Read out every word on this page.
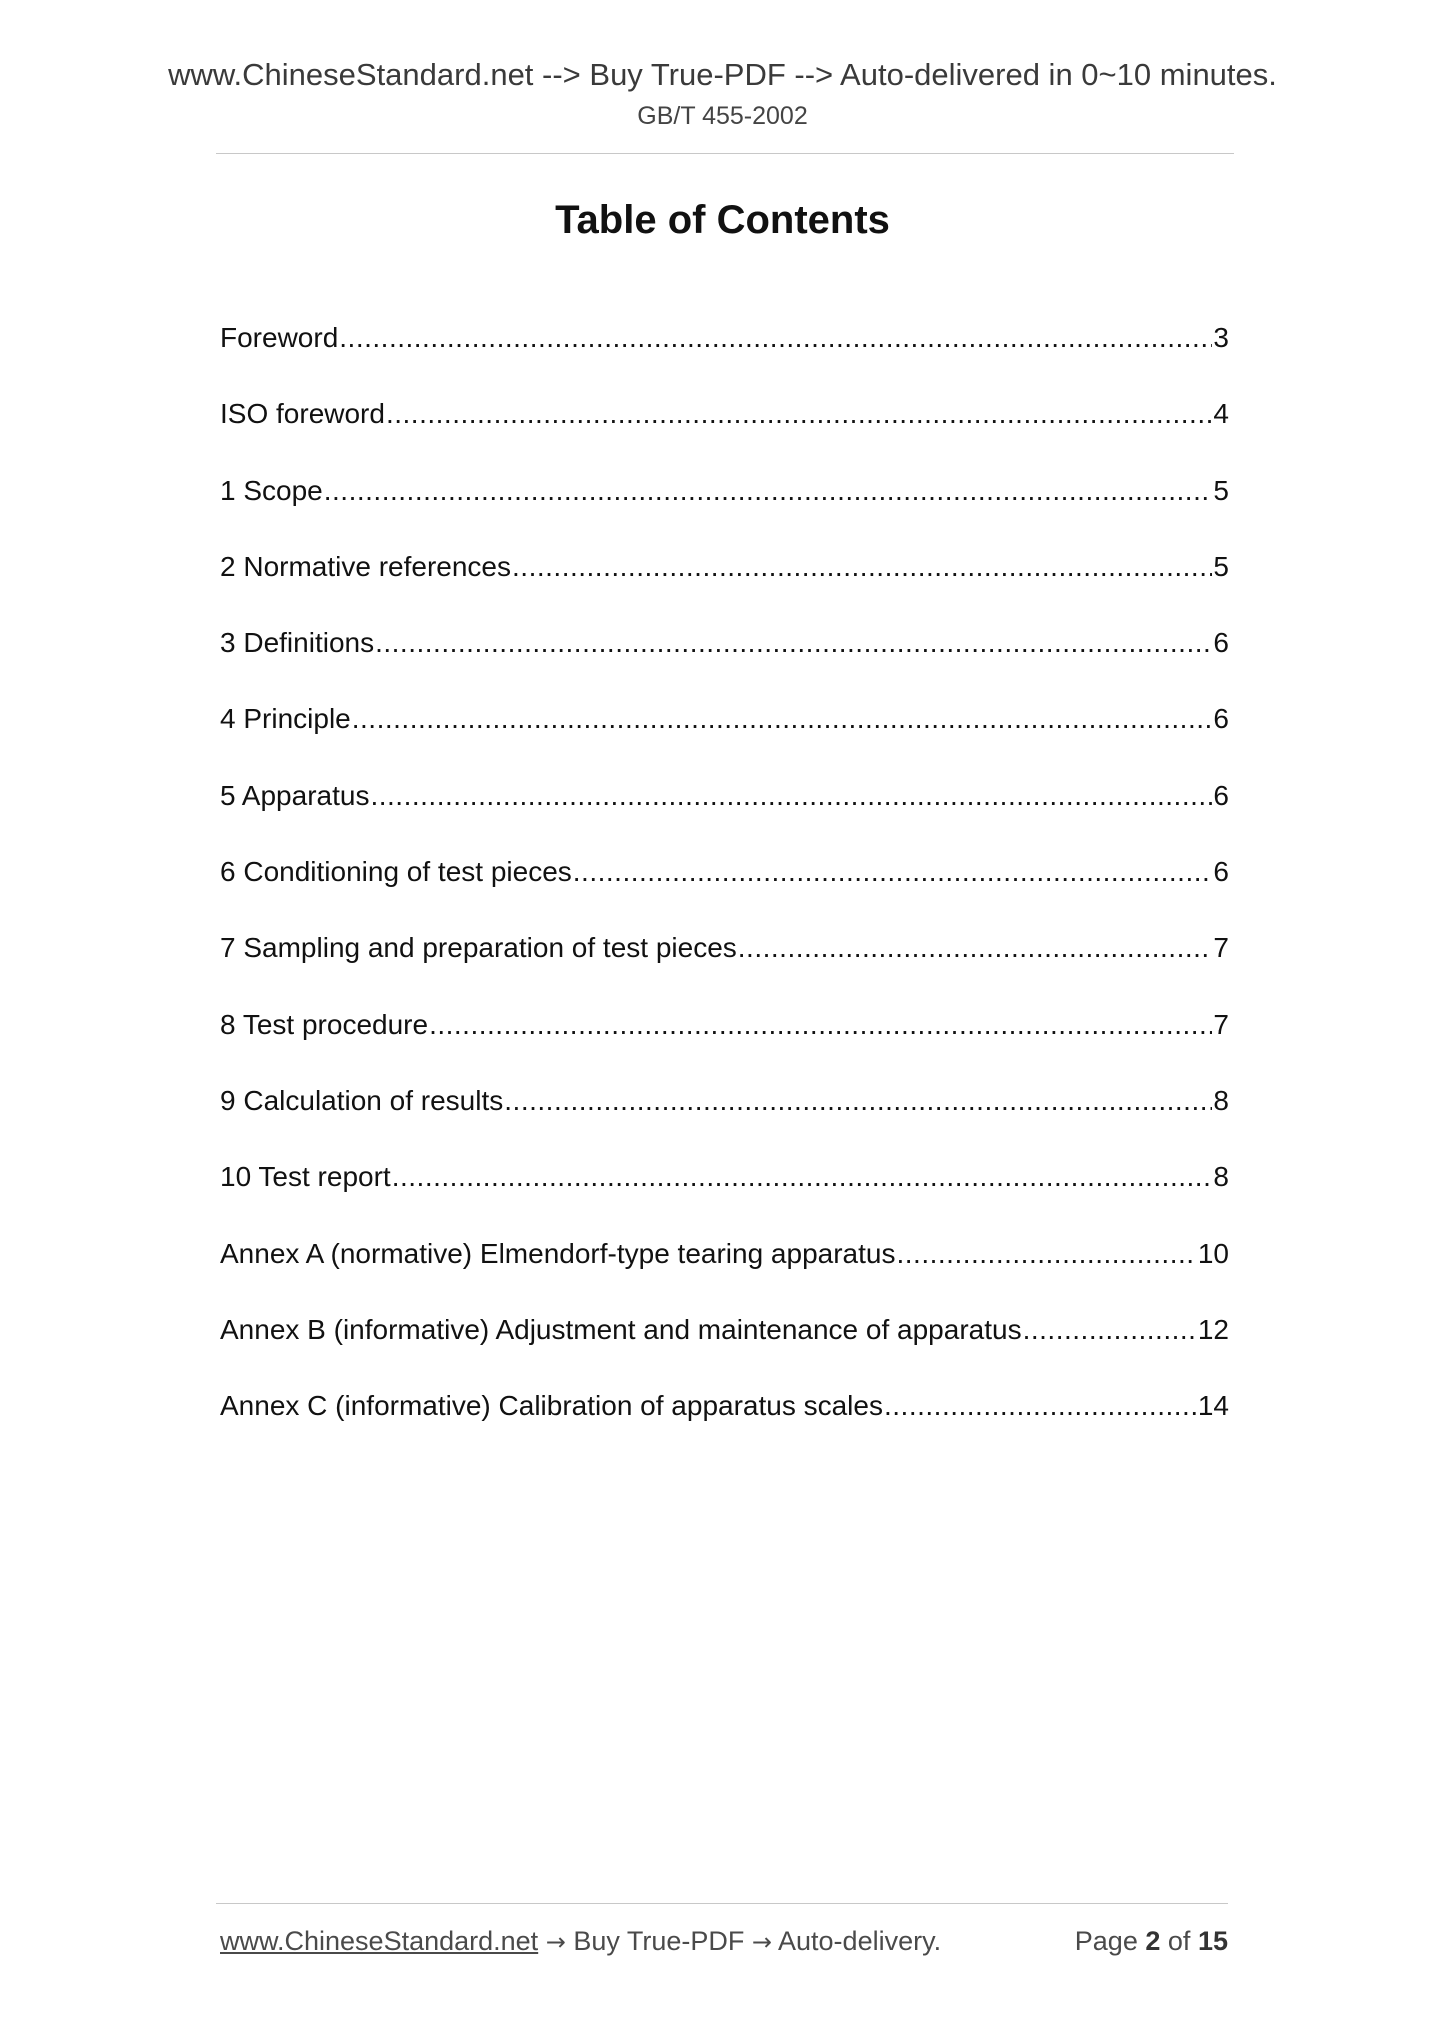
www.ChineseStandard.net --> Buy True-PDF --> Auto-delivered in 0~10 minutes.
GB/T 455-2002
Table of Contents
Foreword .....	3
ISO foreword .....	4
1 Scope .....	5
2 Normative references .....	5
3 Definitions .....	6
4 Principle .....	6
5 Apparatus .....	6
6 Conditioning of test pieces .....	6
7 Sampling and preparation of test pieces .....	7
8 Test procedure .....	7
9 Calculation of results .....	8
10 Test report .....	8
Annex A (normative) Elmendorf-type tearing apparatus .....	10
Annex B (informative) Adjustment and maintenance of apparatus .....	12
Annex C (informative) Calibration of apparatus scales .....	14
www.ChineseStandard.net → Buy True-PDF → Auto-delivery.	Page 2 of 15
